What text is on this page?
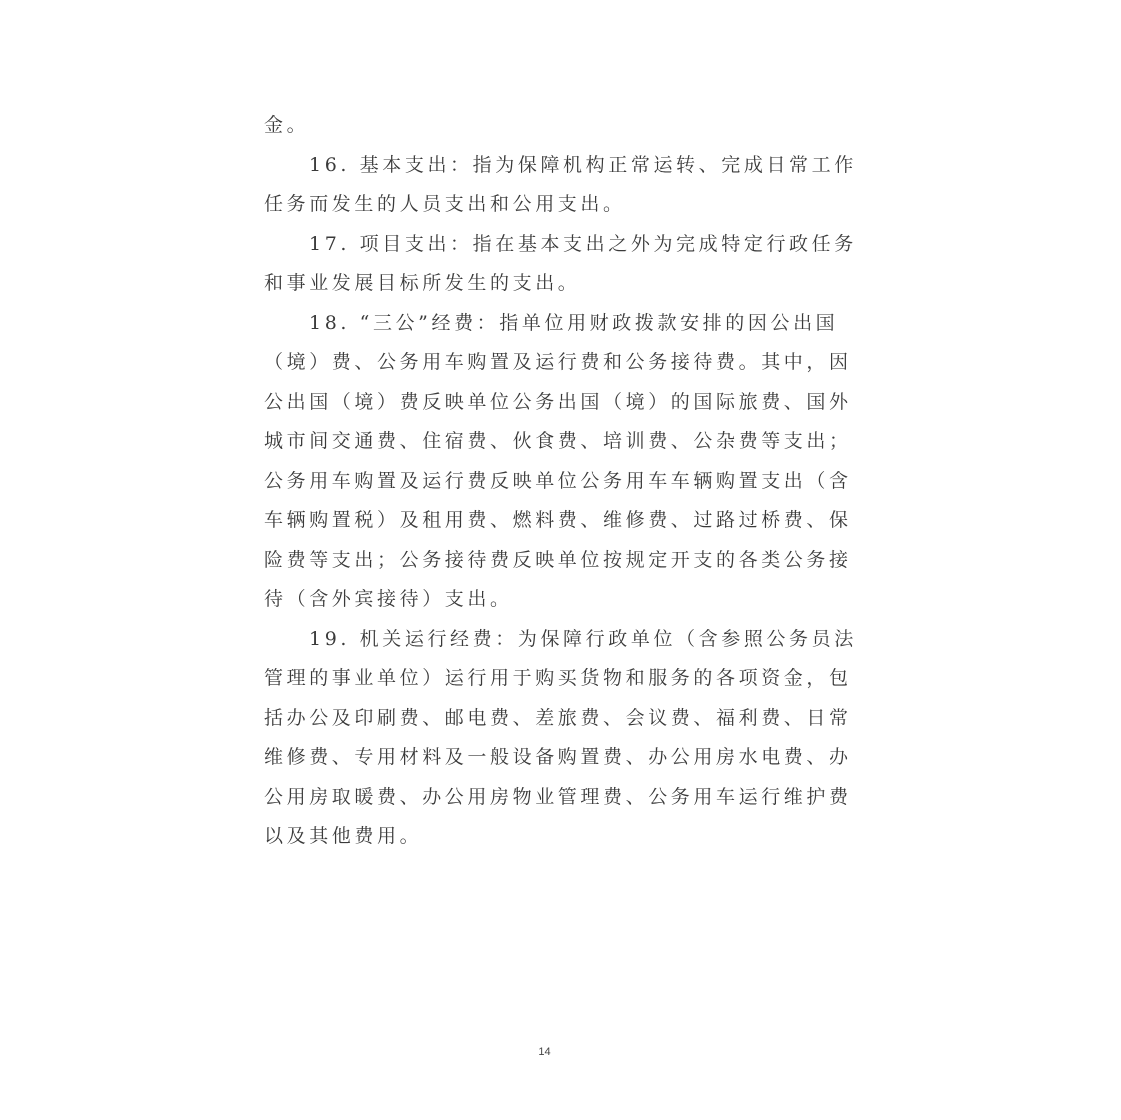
金。
16. 基本支出：指为保障机构正常运转、完成日常工作
任务而发生的人员支出和公用支出。
17. 项目支出：指在基本支出之外为完成特定行政任务
和事业发展目标所发生的支出。
18. “三公”经费：指单位用财政拨款安排的因公出国
（境）费、公务用车购置及运行费和公务接待费。其中，因
公出国（境）费反映单位公务出国（境）的国际旅费、国外
城市间交通费、住宿费、伙食费、培训费、公杂费等支出；
公务用车购置及运行费反映单位公务用车车辆购置支出（含
车辆购置税）及租用费、燃料费、维修费、过路过桥费、保
险费等支出；公务接待费反映单位按规定开支的各类公务接
待（含外宾接待）支出。
19. 机关运行经费：为保障行政单位（含参照公务员法
管理的事业单位）运行用于购买货物和服务的各项资金，包
括办公及印刷费、邮电费、差旅费、会议费、福利费、日常
维修费、专用材料及一般设备购置费、办公用房水电费、办
公用房取暖费、办公用房物业管理费、公务用车运行维护费
以及其他费用。
14
